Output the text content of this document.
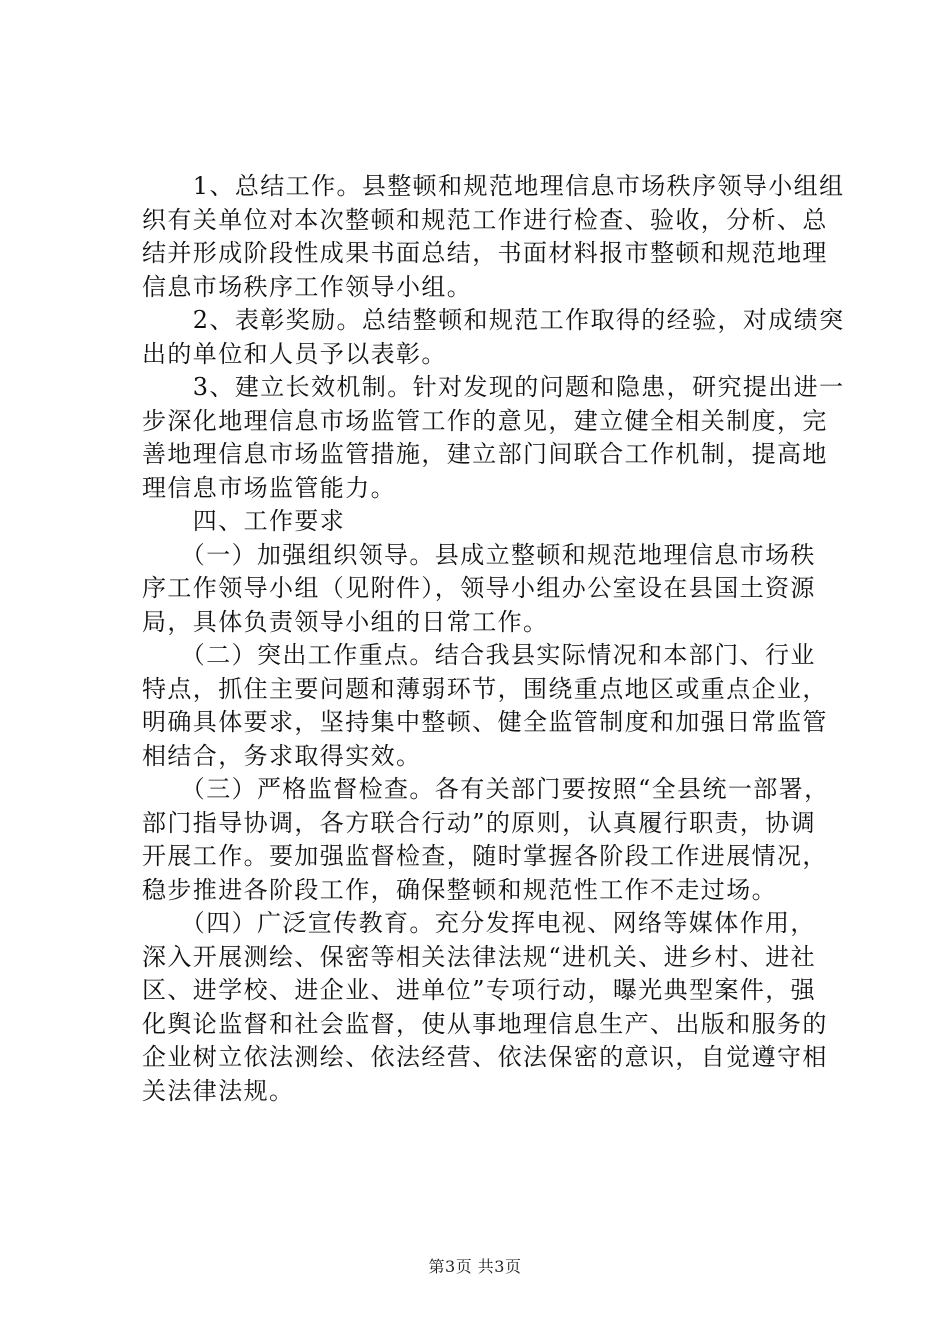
　　1、总结工作。县整顿和规范地理信息市场秩序领导小组组
织有关单位对本次整顿和规范工作进行检查、验收，分析、总
结并形成阶段性成果书面总结，书面材料报市整顿和规范地理
信息市场秩序工作领导小组。
　　2、表彰奖励。总结整顿和规范工作取得的经验，对成绩突
出的单位和人员予以表彰。
　　3、建立长效机制。针对发现的问题和隐患，研究提出进一
步深化地理信息市场监管工作的意见，建立健全相关制度，完
善地理信息市场监管措施，建立部门间联合工作机制，提高地
理信息市场监管能力。
　　四、工作要求
　　（一）加强组织领导。县成立整顿和规范地理信息市场秩
序工作领导小组（见附件），领导小组办公室设在县国土资源
局，具体负责领导小组的日常工作。
　　（二）突出工作重点。结合我县实际情况和本部门、行业
特点，抓住主要问题和薄弱环节，围绕重点地区或重点企业，
明确具体要求，坚持集中整顿、健全监管制度和加强日常监管
相结合，务求取得实效。
　　（三）严格监督检查。各有关部门要按照“全县统一部署，
部门指导协调，各方联合行动”的原则，认真履行职责，协调
开展工作。要加强监督检查，随时掌握各阶段工作进展情况，
稳步推进各阶段工作，确保整顿和规范性工作不走过场。
　　（四）广泛宣传教育。充分发挥电视、网络等媒体作用，
深入开展测绘、保密等相关法律法规“进机关、进乡村、进社
区、进学校、进企业、进单位”专项行动，曝光典型案件，强
化舆论监督和社会监督，使从事地理信息生产、出版和服务的
企业树立依法测绘、依法经营、依法保密的意识，自觉遵守相
关法律法规。
第3页 共3页
